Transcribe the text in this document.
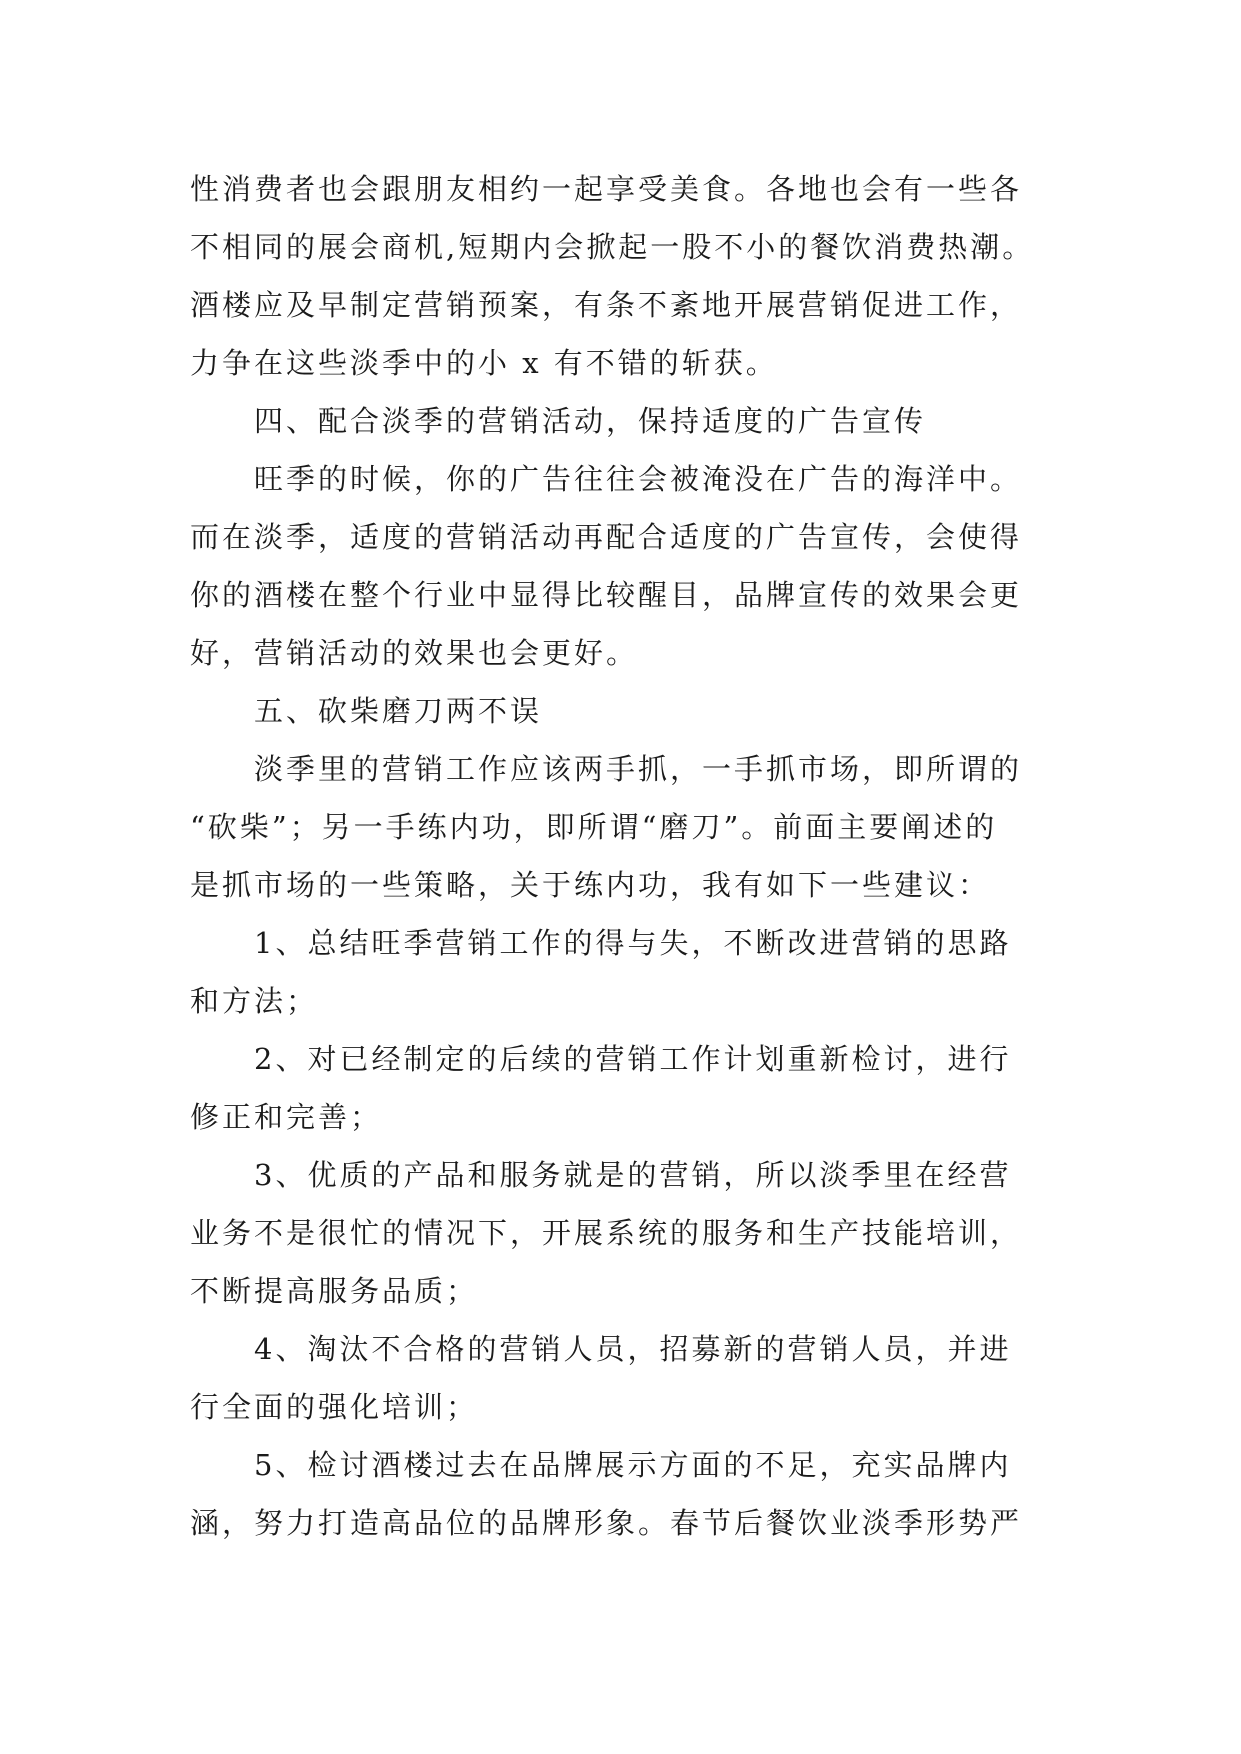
性消费者也会跟朋友相约一起享受美食。各地也会有一些各
不相同的展会商机,短期内会掀起一股不小的餐饮消费热潮。
酒楼应及早制定营销预案，有条不紊地开展营销促进工作，
力争在这些淡季中的小 x 有不错的斩获。
四、配合淡季的营销活动，保持适度的广告宣传
旺季的时候，你的广告往往会被淹没在广告的海洋中。
而在淡季，适度的营销活动再配合适度的广告宣传，会使得
你的酒楼在整个行业中显得比较醒目，品牌宣传的效果会更
好，营销活动的效果也会更好。
五、砍柴磨刀两不误
淡季里的营销工作应该两手抓，一手抓市场，即所谓的
“砍柴”；另一手练内功，即所谓“磨刀”。前面主要阐述的
是抓市场的一些策略，关于练内功，我有如下一些建议：
1、总结旺季营销工作的得与失，不断改进营销的思路
和方法；
2、对已经制定的后续的营销工作计划重新检讨，进行
修正和完善；
3、优质的产品和服务就是的营销，所以淡季里在经营
业务不是很忙的情况下，开展系统的服务和生产技能培训，
不断提高服务品质；
4、淘汰不合格的营销人员，招募新的营销人员，并进
行全面的强化培训；
5、检讨酒楼过去在品牌展示方面的不足，充实品牌内
涵，努力打造高品位的品牌形象。春节后餐饮业淡季形势严
